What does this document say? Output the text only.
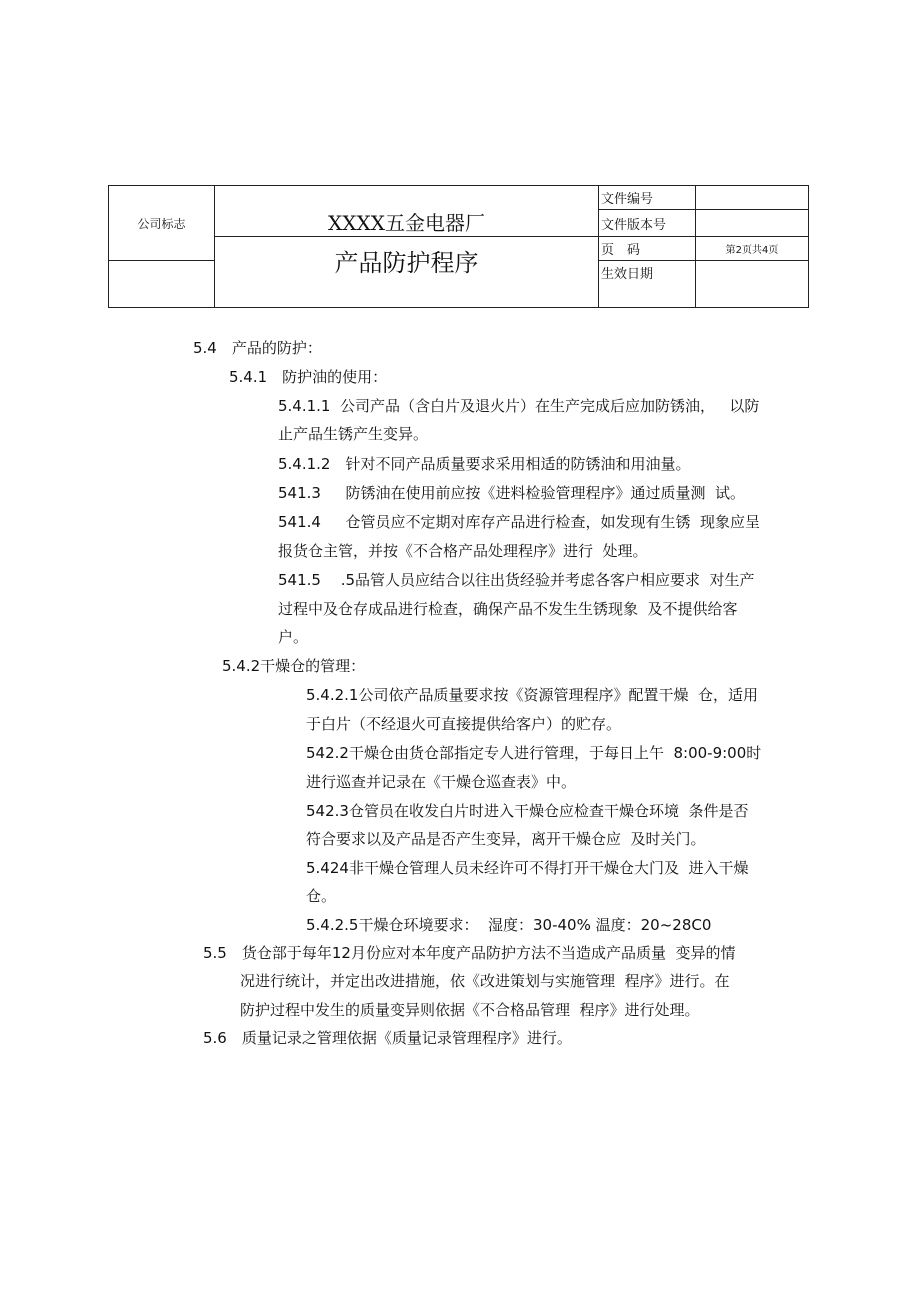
公司标志	XXXX五金电器厂	文件编号	
		文件版本号	
	产品防护程序	页　码	第2页共4页
		生效日期	

5.4　产品的防护：
5.4.1　防护油的使用：
5.4.1.1  公司产品（含白片及退火片）在生产完成后应加防锈油，   以防
止产品生锈产生变异。
5.4.1.2　针对不同产品质量要求采用相适的防锈油和用油量。
541.3　  防锈油在使用前应按《进料检验管理程序》通过质量测  试。
541.4　  仓管员应不定期对库存产品进行检查，如发现有生锈  现象应呈
报货仓主管，并按《不合格产品处理程序》进行  处理。
541.5　 .5品管人员应结合以往出货经验并考虑各客户相应要求  对生产
过程中及仓存成品进行检查，确保产品不发生生锈现象  及不提供给客
户。
5.4.2干燥仓的管理：
5.4.2.1公司依产品质量要求按《资源管理程序》配置干燥  仓，适用
于白片（不经退火可直接提供给客户）的贮存。
542.2干燥仓由货仓部指定专人进行管理，于每日上午  8:00-9:00时
进行巡查并记录在《干燥仓巡查表》中。
542.3仓管员在收发白片时进入干燥仓应检查干燥仓环境  条件是否
符合要求以及产品是否产生变异，离开干燥仓应  及时关门。
5.424非干燥仓管理人员未经许可不得打开干燥仓大门及  进入干燥
仓。
5.4.2.5干燥仓环境要求：  湿度：30-40% 温度：20~28C0
5.5　货仓部于每年12月份应对本年度产品防护方法不当造成产品质量  变异的情
况进行统计，并定出改进措施，依《改进策划与实施管理  程序》进行。在
防护过程中发生的质量变异则依据《不合格品管理  程序》进行处理。
5.6　质量记录之管理依据《质量记录管理程序》进行。
